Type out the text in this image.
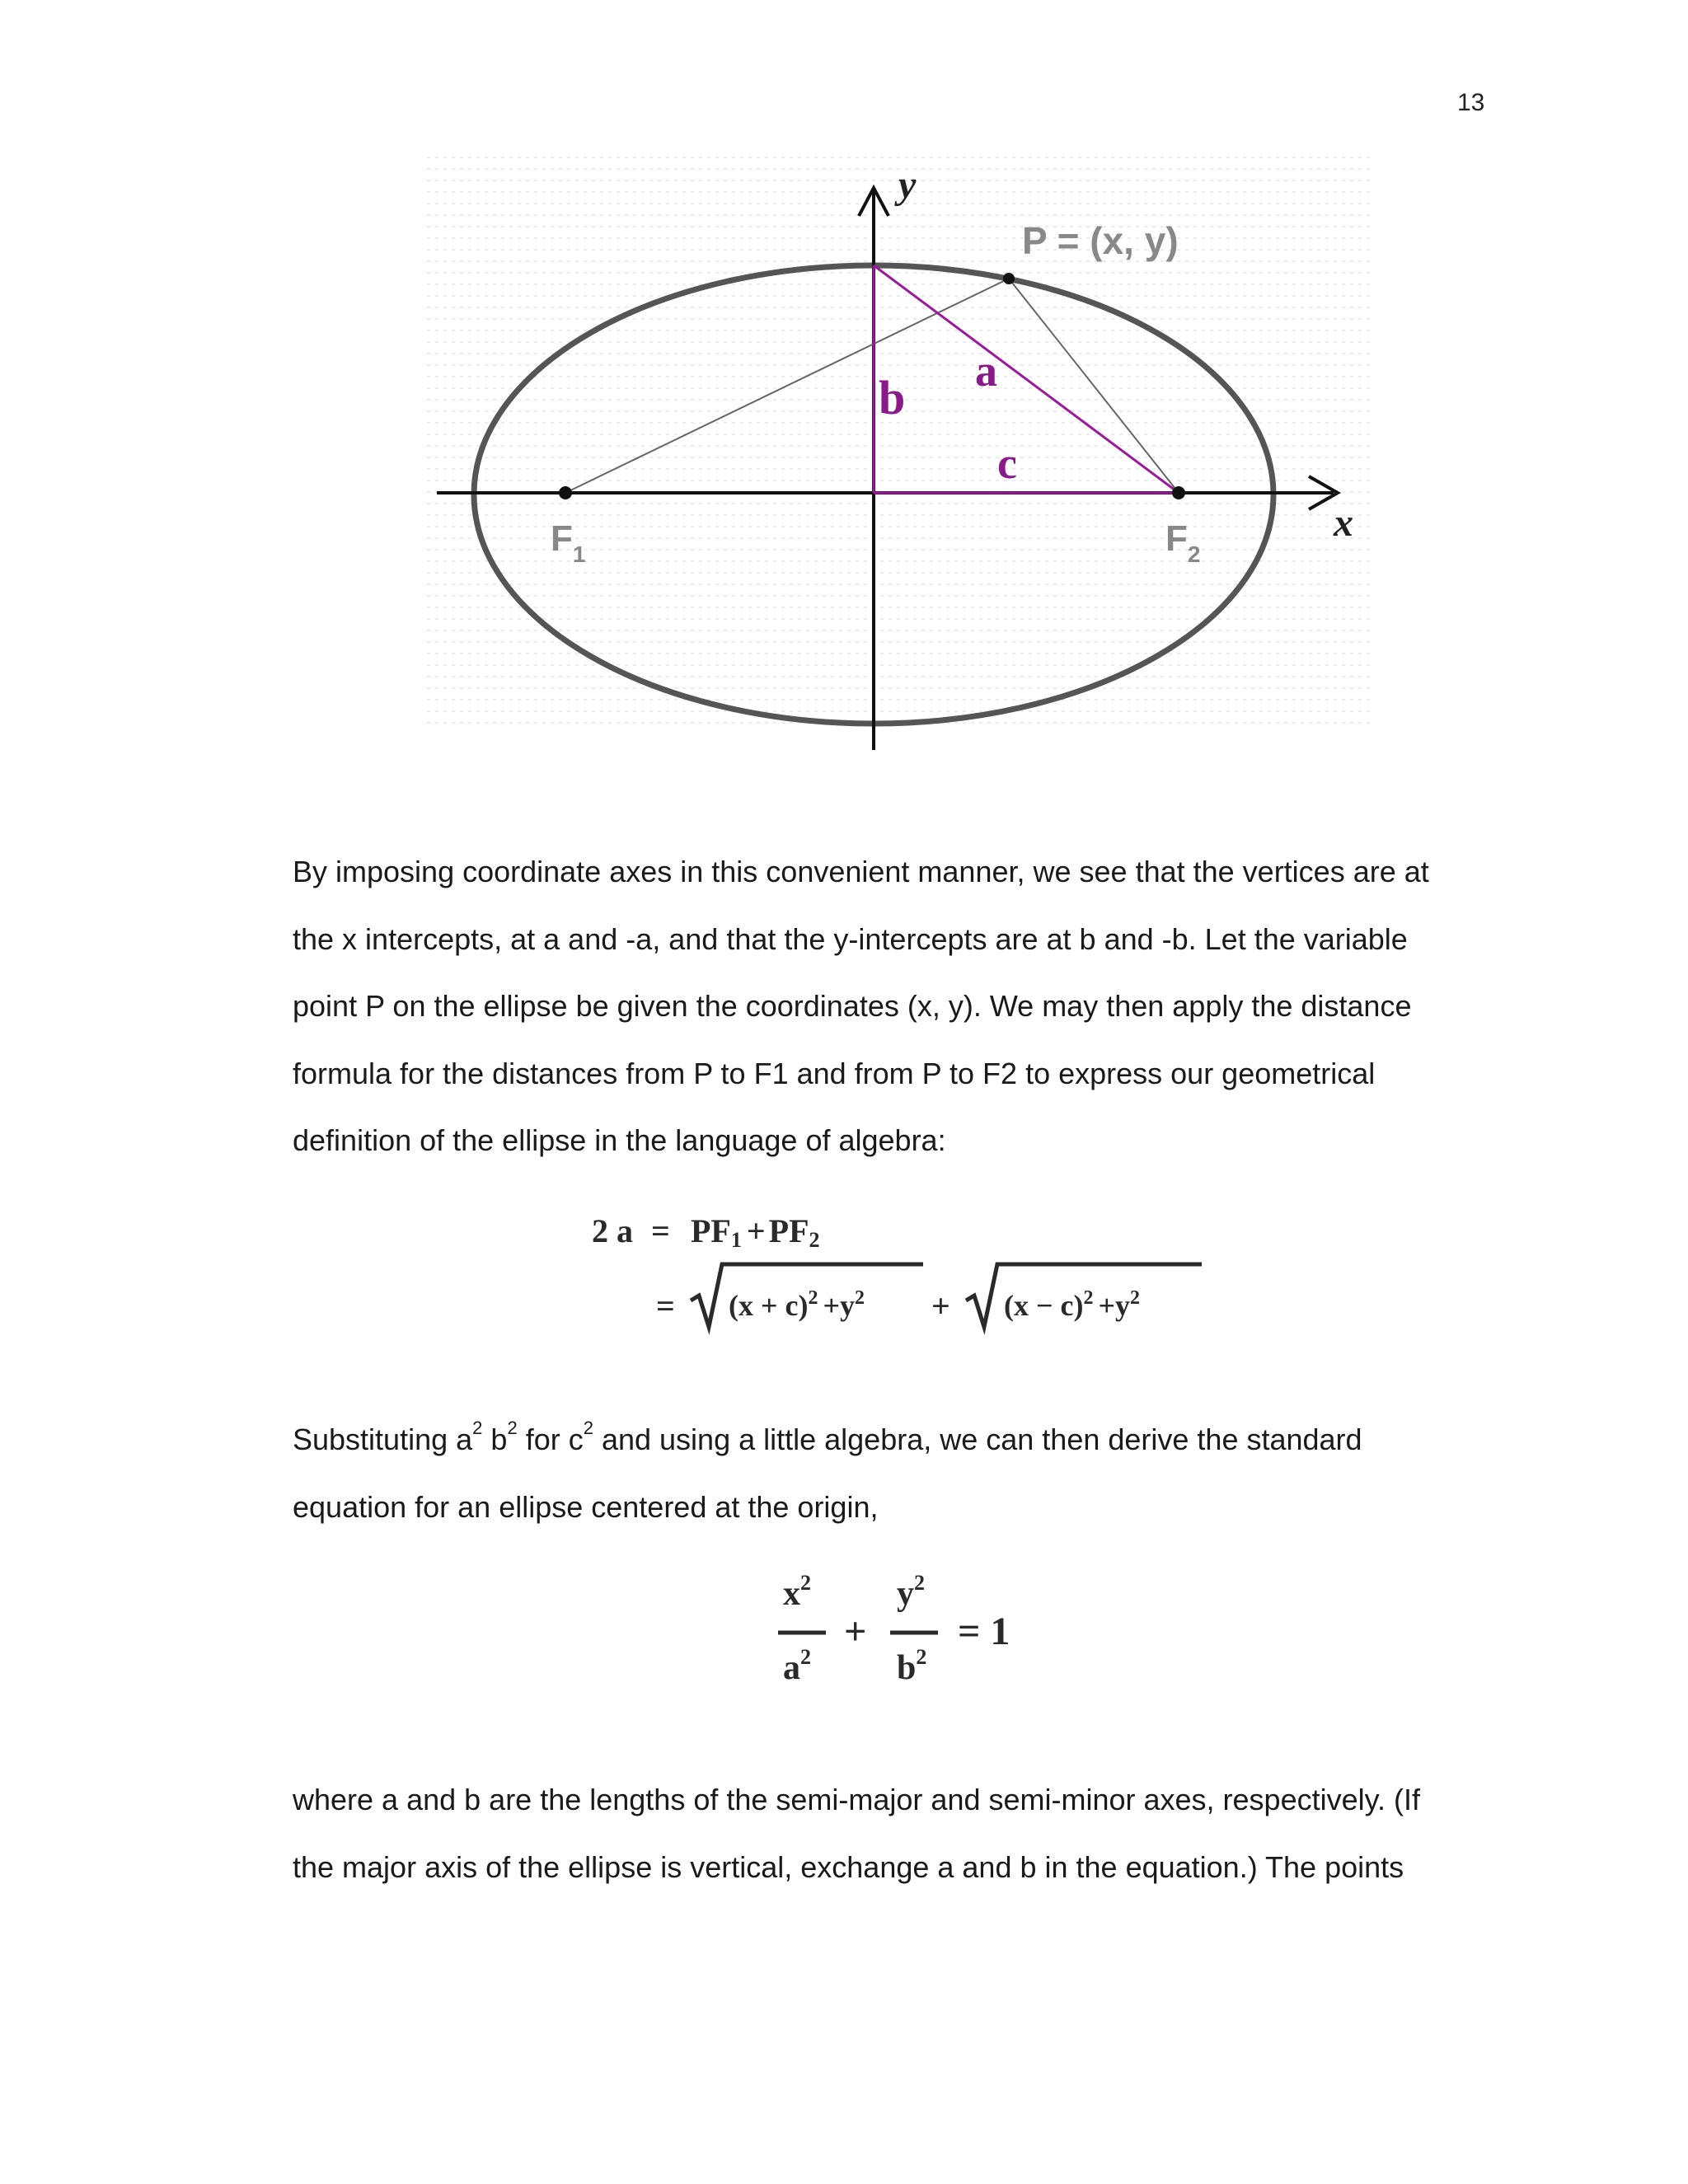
13
y
x
P = (x, y)
a
b
c
$F_1$	$F_2$
By imposing coordinate axes in this convenient manner, we see that the vertices are at
the x intercepts, at a and -a, and that the y-intercepts are at b and -b. Let the variable
point P on the ellipse be given the coordinates (x, y). We may then apply the distance
formula for the distances from P to F1 and from P to F2 to express our geometrical
definition of the ellipse in the language of algebra:
2 a = PF1 + PF2
= $(x + c)^2 +y^2 + (x - c)^2 +y^2$
Substituting $a^2$ $b^2$ for $c^2$ and using a little algebra, we can then derive the standard
equation for an ellipse centered at the origin,
$x^2$
$a^2$
+
$y^2$
$b^2$
= 1
where a and b are the lengths of the semi-major and semi-minor axes, respectively. (If
the major axis of the ellipse is vertical, exchange a and b in the equation.) The points
